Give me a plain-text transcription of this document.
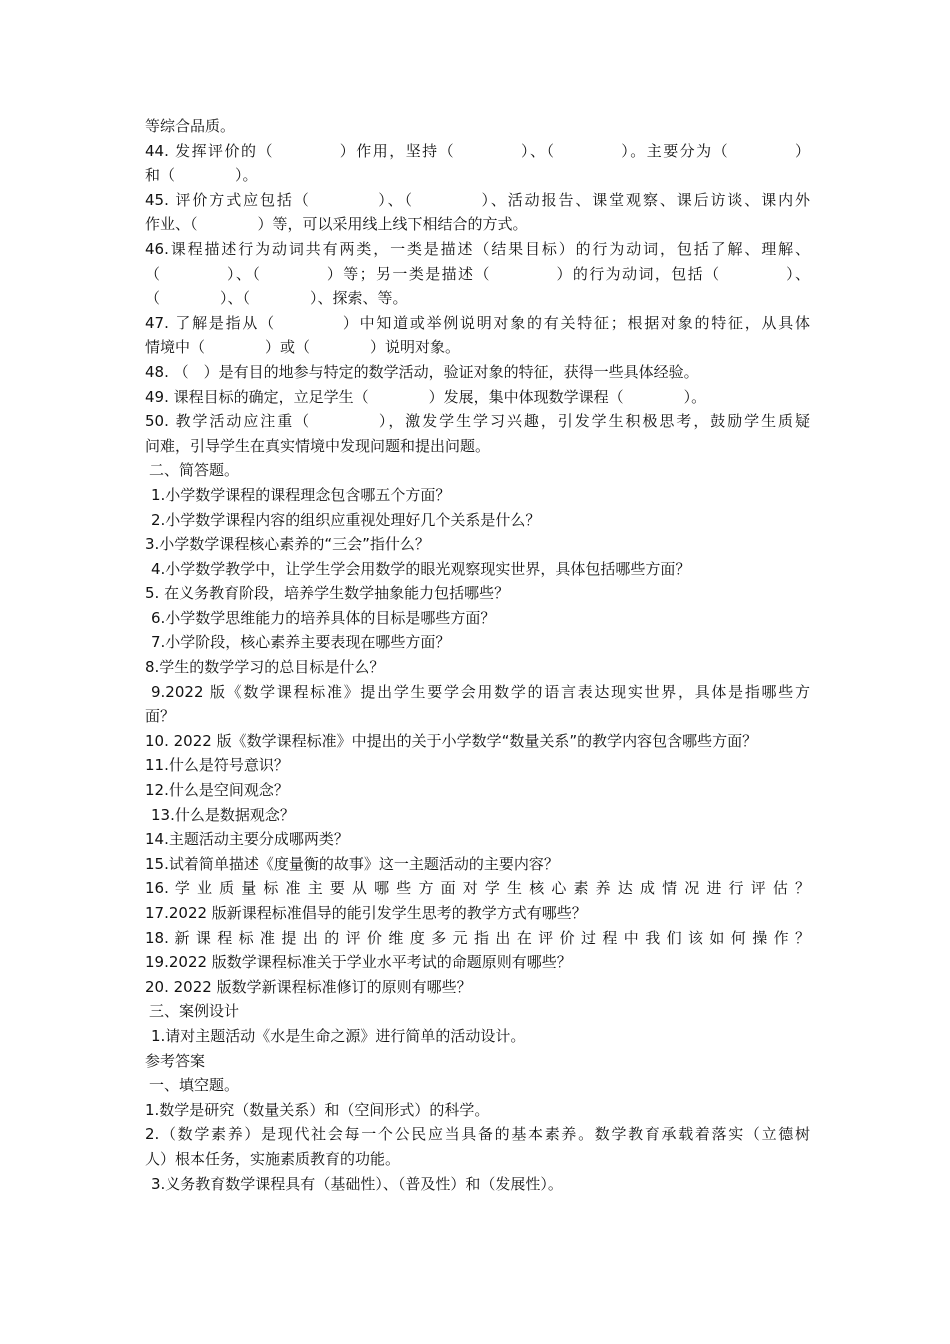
等综合品质。
44. 发挥评价的（　　　　）作用，坚持（　　　　）、（　　　　）。主要分为（　　　　）
和（　　　　）。
45. 评价方式应包括（　　　　）、（　　　　）、活动报告、课堂观察、课后访谈、课内外
作业、（　　　　）等，可以采用线上线下相结合的方式。
46.课程描述行为动词共有两类，一类是描述（结果目标）的行为动词，包括了解、理解、
（　　　　）、（　　　　）等；另一类是描述（　　　　）的行为动词，包括（　　　　）、
（　　　　）、（　　　　）、探索、等。
47. 了解是指从（　　　　）中知道或举例说明对象的有关特征；根据对象的特征，从具体
情境中（　　　　）或（　　　　）说明对象。
48. （　）是有目的地参与特定的数学活动，验证对象的特征，获得一些具体经验。
49. 课程目标的确定，立足学生（　　　　）发展，集中体现数学课程（　　　　）。
50. 教学活动应注重（　　　　），激发学生学习兴趣，引发学生积极思考，鼓励学生质疑
问难，引导学生在真实情境中发现问题和提出问题。
二、简答题。
1.小学数学课程的课程理念包含哪五个方面？
2.小学数学课程内容的组织应重视处理好几个关系是什么？
3.小学数学课程核心素养的“三会”指什么？
4.小学数学教学中，让学生学会用数学的眼光观察现实世界，具体包括哪些方面？
5. 在义务教育阶段，培养学生数学抽象能力包括哪些？
6.小学数学思维能力的培养具体的目标是哪些方面？
7.小学阶段，核心素养主要表现在哪些方面？
8.学生的数学学习的总目标是什么？
9.2022 版《数学课程标准》提出学生要学会用数学的语言表达现实世界，具体是指哪些方
面？
10. 2022 版《数学课程标准》中提出的关于小学数学“数量关系”的教学内容包含哪些方面？
11.什么是符号意识？
12.什么是空间观念？
13.什么是数据观念？
14.主题活动主要分成哪两类？
15.试着简单描述《度量衡的故事》这一主题活动的主要内容？
16. 学 业 质 量 标 准 主 要 从 哪 些 方 面 对 学 生 核 心 素 养 达 成 情 况 进 行 评 估 ？
17.2022 版新课程标准倡导的能引发学生思考的教学方式有哪些？
18. 新 课 程 标 准 提 出 的 评 价 维 度 多 元 指 出 在 评 价 过 程 中 我 们 该 如 何 操 作 ？
19.2022 版数学课程标准关于学业水平考试的命题原则有哪些？
20. 2022 版数学新课程标准修订的原则有哪些？
三、案例设计
1.请对主题活动《水是生命之源》进行简单的活动设计。
参考答案
一、填空题。
1.数学是研究（数量关系）和（空间形式）的科学。
2.（数学素养）是现代社会每一个公民应当具备的基本素养。数学教育承载着落实（立德树
人）根本任务，实施素质教育的功能。
3.义务教育数学课程具有（基础性）、（普及性）和（发展性）。
